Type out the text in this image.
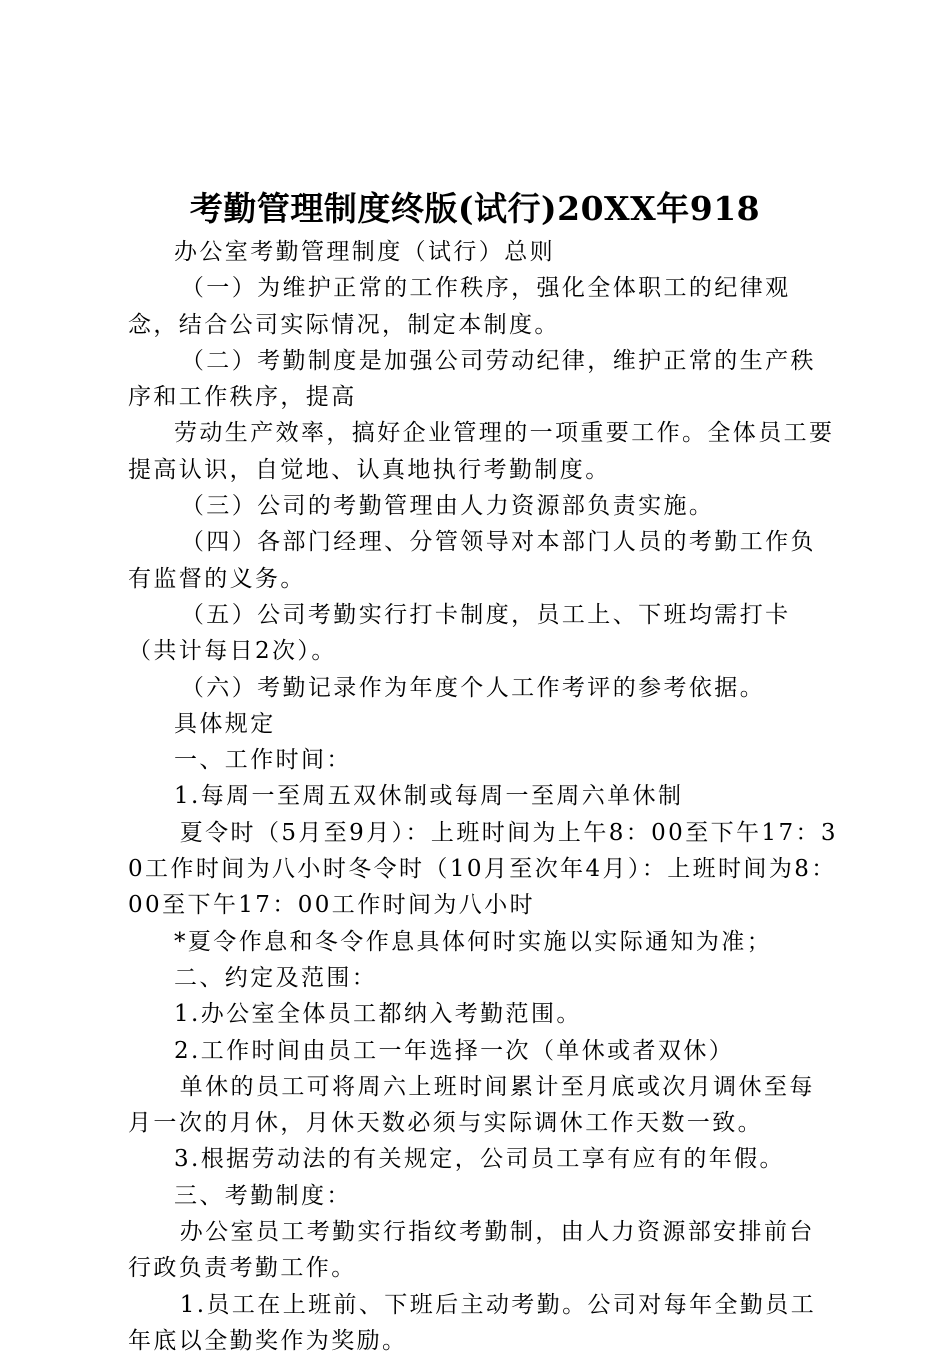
考勤管理制度终版(试行)20XX年918

办公室考勤管理制度（试行）总则

（一）为维护正常的工作秩序，强化全体职工的纪律观念，结合公司实际情况，制定本制度。

（二）考勤制度是加强公司劳动纪律，维护正常的生产秩序和工作秩序，提高

劳动生产效率，搞好企业管理的一项重要工作。全体员工要提高认识，自觉地、认真地执行考勤制度。

（三）公司的考勤管理由人力资源部负责实施。

（四）各部门经理、分管领导对本部门人员的考勤工作负有监督的义务。

（五）公司考勤实行打卡制度，员工上、下班均需打卡（共计每日2次）。

（六）考勤记录作为年度个人工作考评的参考依据。

具体规定

一、工作时间：

1.每周一至周五双休制或每周一至周六单休制

夏令时（5月至9月）：上班时间为上午8：00至下午17：30工作时间为八小时冬令时（10月至次年4月）：上班时间为8：00至下午17：00工作时间为八小时

*夏令作息和冬令作息具体何时实施以实际通知为准；

二、约定及范围：

1.办公室全体员工都纳入考勤范围。

2.工作时间由员工一年选择一次（单休或者双休）

单休的员工可将周六上班时间累计至月底或次月调休至每月一次的月休，月休天数必须与实际调休工作天数一致。

3.根据劳动法的有关规定，公司员工享有应有的年假。

三、考勤制度：

办公室员工考勤实行指纹考勤制，由人力资源部安排前台行政负责考勤工作。

1.员工在上班前、下班后主动考勤。公司对每年全勤员工年底以全勤奖作为奖励。
